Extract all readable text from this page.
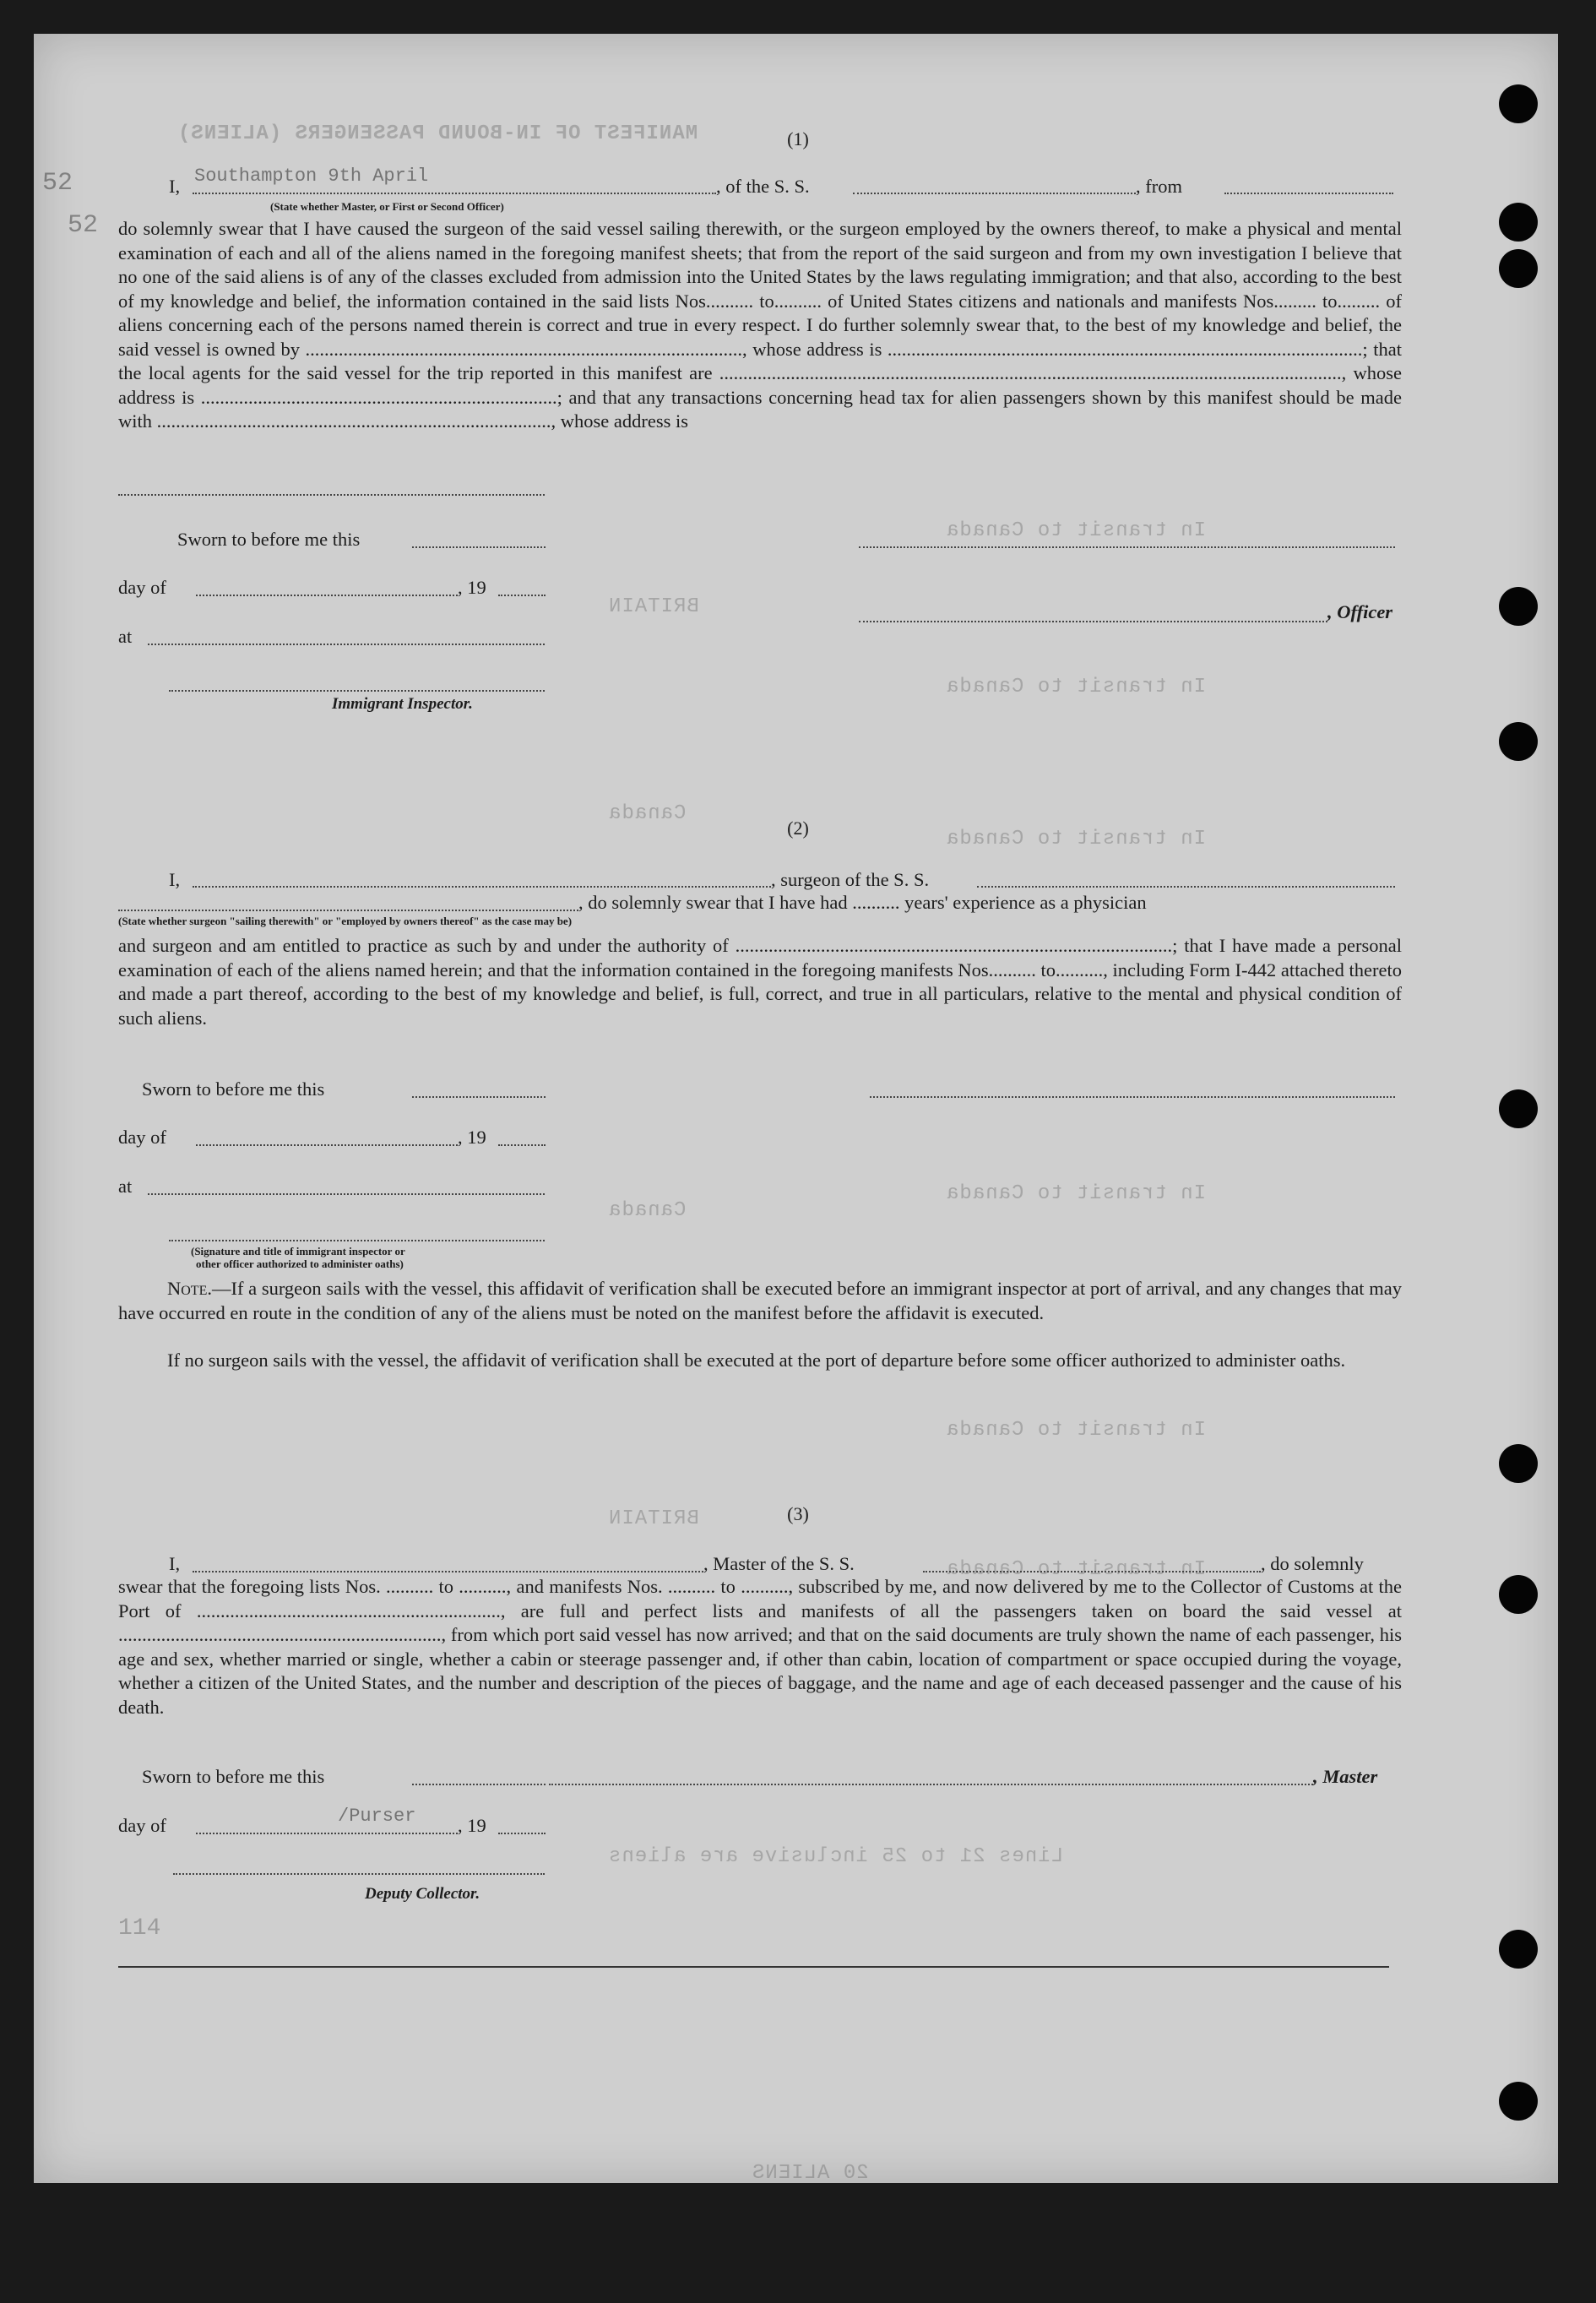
MANIFEST OF IN-BOUND PASSENGERS (ALIENS)
In transit to Canada
In transit to Canada
BRITAIN
Canada
In transit to Canada
In transit to Canada
Canada
In transit to Canada
BRITAIN
In transit to Canada
Lines 21 to 25 inclusive are aliens
20 ALIENS
52
52
(1)
I, Southampton 9th April	, of the S. S.	, from
(State whether Master, or First or Second Officer)
do solemnly swear that I have caused the surgeon of the said vessel sailing therewith, or the surgeon employed by the owners thereof, to make a physical and mental examination of each and all of the aliens named in the foregoing manifest sheets; that from the report of the said surgeon and from my own investigation I believe that no one of the said aliens is of any of the classes excluded from admission into the United States by the laws regulating immigration; and that also, according to the best of my knowledge and belief, the information contained in the said lists Nos.......... to.......... of United States citizens and nationals and manifests Nos......... to......... of aliens concerning each of the persons named therein is correct and true in every respect. I do further solemnly swear that, to the best of my knowledge and belief, the said vessel is owned by ............................................................................................, whose address is ....................................................................................................; that the local agents for the said vessel for the trip reported in this manifest are ..................................................................................................................................., whose address is ...........................................................................; and that any transactions concerning head tax for alien passengers shown by this manifest should be made with ..................................................................................., whose address is
Sworn to before me this
day of	, 19
, Officer
at
Immigrant Inspector.
(2)
I,	, surgeon of the S. S.
, do solemnly swear that I have had .......... years' experience as a physician
(State whether surgeon "sailing therewith" or "employed by owners thereof" as the case may be)
and surgeon and am entitled to practice as such by and under the authority of ............................................................................................; that I have made a personal examination of each of the aliens named herein; and that the information contained in the foregoing manifests Nos.......... to.........., including Form I-442 attached thereto and made a part thereof, according to the best of my knowledge and belief, is full, correct, and true in all particulars, relative to the mental and physical condition of such aliens.
Sworn to before me this
day of	, 19
at
(Signature and title of immigrant inspector or
other officer authorized to administer oaths)
Note.—If a surgeon sails with the vessel, this affidavit of verification shall be executed before an immigrant inspector at port of arrival, and any changes that may have occurred en route in the condition of any of the aliens must be noted on the manifest before the affidavit is executed.
If no surgeon sails with the vessel, the affidavit of verification shall be executed at the port of departure before some officer authorized to administer oaths.
(3)
I,	, Master of the S. S.	, do solemnly
swear that the foregoing lists Nos. .......... to .........., and manifests Nos. .......... to .........., subscribed by me, and now delivered by me to the Collector of Customs at the Port of ................................................................, are full and perfect lists and manifests of all the passengers taken on board the said vessel at ...................................................................., from which port said vessel has now arrived; and that on the said documents are truly shown the name of each passenger, his age and sex, whether married or single, whether a cabin or steerage passenger and, if other than cabin, location of compartment or space occupied during the voyage, whether a citizen of the United States, and the number and description of the pieces of baggage, and the name and age of each deceased passenger and the cause of his death.
Sworn to before me this	, Master
day of	/Purser , 19
Deputy Collector.
114
